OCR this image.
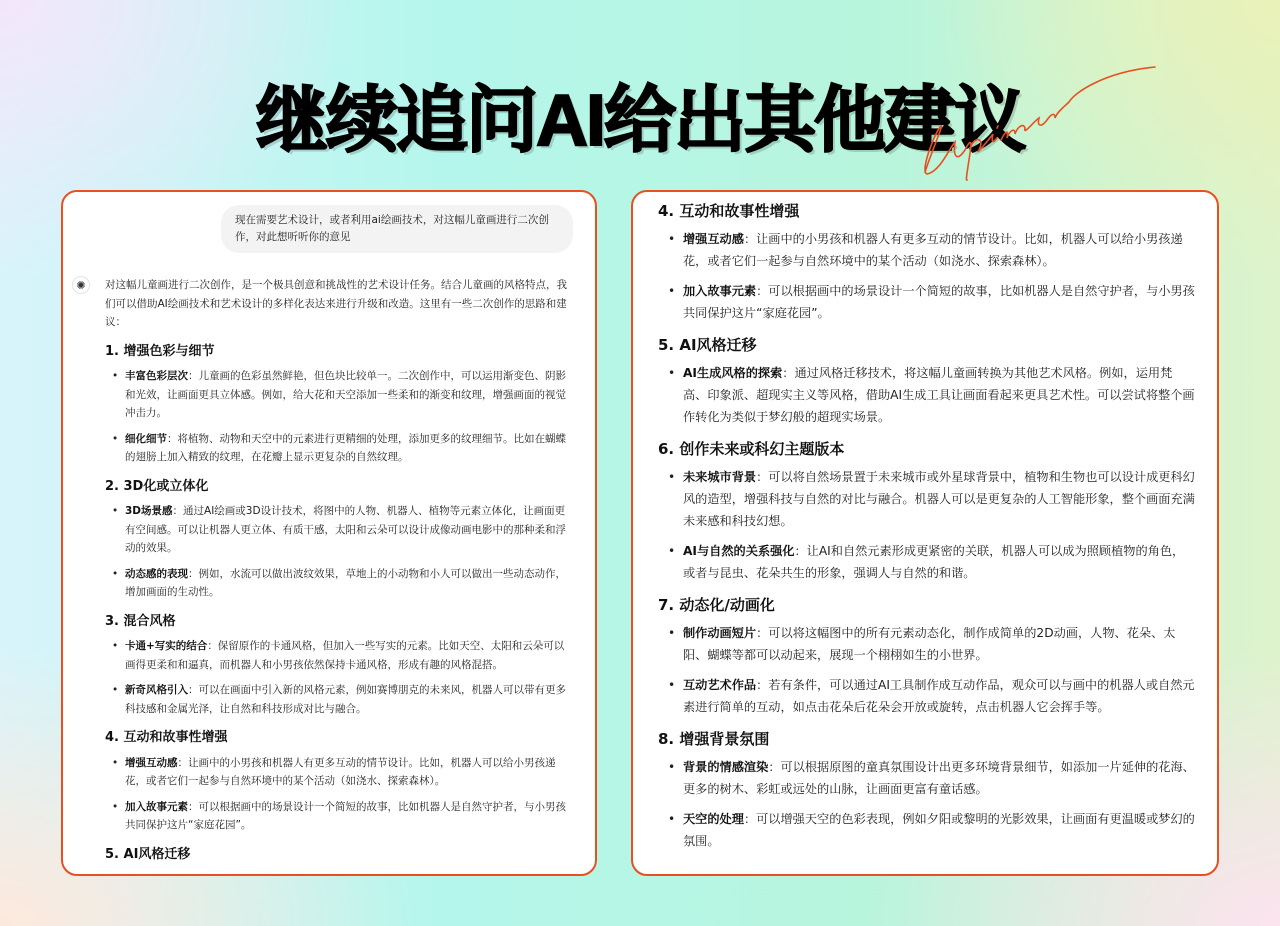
继续追问AI给出其他建议
现在需要艺术设计，或者利用ai绘画技术，对这幅儿童画进行二次创作，对此想听听你的意见
✺	对这幅儿童画进行二次创作，是一个极具创意和挑战性的艺术设计任务。结合儿童画的风格特点，我们可以借助AI绘画技术和艺术设计的多样化表达来进行升级和改造。这里有一些二次创作的思路和建议：

1. 增强色彩与细节
• 丰富色彩层次：儿童画的色彩虽然鲜艳，但色块比较单一。二次创作中，可以运用渐变色、阴影和光效，让画面更具立体感。例如，给大花和天空添加一些柔和的渐变和纹理，增强画面的视觉冲击力。
• 细化细节：将植物、动物和天空中的元素进行更精细的处理，添加更多的纹理细节。比如在蝴蝶的翅膀上加入精致的纹理，在花瓣上显示更复杂的自然纹理。
2. 3D化或立体化
• 3D场景感：通过AI绘画或3D设计技术，将图中的人物、机器人、植物等元素立体化，让画面更有空间感。可以让机器人更立体、有质干感，太阳和云朵可以设计成像动画电影中的那种柔和浮动的效果。
• 动态感的表现：例如，水流可以做出波纹效果，草地上的小动物和小人可以做出一些动态动作，增加画面的生动性。
3. 混合风格
• 卡通+写实的结合：保留原作的卡通风格，但加入一些写实的元素。比如天空、太阳和云朵可以画得更柔和和逼真，而机器人和小男孩依然保持卡通风格，形成有趣的风格混搭。
• 新奇风格引入：可以在画面中引入新的风格元素，例如赛博朋克的未来风，机器人可以带有更多科技感和金属光泽，让自然和科技形成对比与融合。
4. 互动和故事性增强
• 增强互动感：让画中的小男孩和机器人有更多互动的情节设计。比如，机器人可以给小男孩递花，或者它们一起参与自然环境中的某个活动（如浇水、探索森林）。
• 加入故事元素：可以根据画中的场景设计一个简短的故事，比如机器人是自然守护者，与小男孩共同保护这片“家庭花园”。
5. AI风格迁移
4. 互动和故事性增强
• 增强互动感：让画中的小男孩和机器人有更多互动的情节设计。比如，机器人可以给小男孩递花，或者它们一起参与自然环境中的某个活动（如浇水、探索森林）。
• 加入故事元素：可以根据画中的场景设计一个简短的故事，比如机器人是自然守护者，与小男孩共同保护这片“家庭花园”。
5. AI风格迁移
• AI生成风格的探索：通过风格迁移技术，将这幅儿童画转换为其他艺术风格。例如，运用梵高、印象派、超现实主义等风格，借助AI生成工具让画面看起来更具艺术性。可以尝试将整个画作转化为类似于梦幻般的超现实场景。
6. 创作未来或科幻主题版本
• 未来城市背景：可以将自然场景置于未来城市或外星球背景中，植物和生物也可以设计成更科幻风的造型，增强科技与自然的对比与融合。机器人可以是更复杂的人工智能形象，整个画面充满未来感和科技幻想。
• AI与自然的关系强化：让AI和自然元素形成更紧密的关联，机器人可以成为照顾植物的角色，或者与昆虫、花朵共生的形象，强调人与自然的和谐。
7. 动态化/动画化
• 制作动画短片：可以将这幅图中的所有元素动态化，制作成简单的2D动画，人物、花朵、太阳、蝴蝶等都可以动起来，展现一个栩栩如生的小世界。
• 互动艺术作品：若有条件，可以通过AI工具制作成互动作品，观众可以与画中的机器人或自然元素进行简单的互动，如点击花朵后花朵会开放或旋转，点击机器人它会挥手等。
8. 增强背景氛围
• 背景的情感渲染：可以根据原图的童真氛围设计出更多环境背景细节，如添加一片延伸的花海、更多的树木、彩虹或远处的山脉，让画面更富有童话感。
• 天空的处理：可以增强天空的色彩表现，例如夕阳或黎明的光影效果，让画面有更温暖或梦幻的氛围。
